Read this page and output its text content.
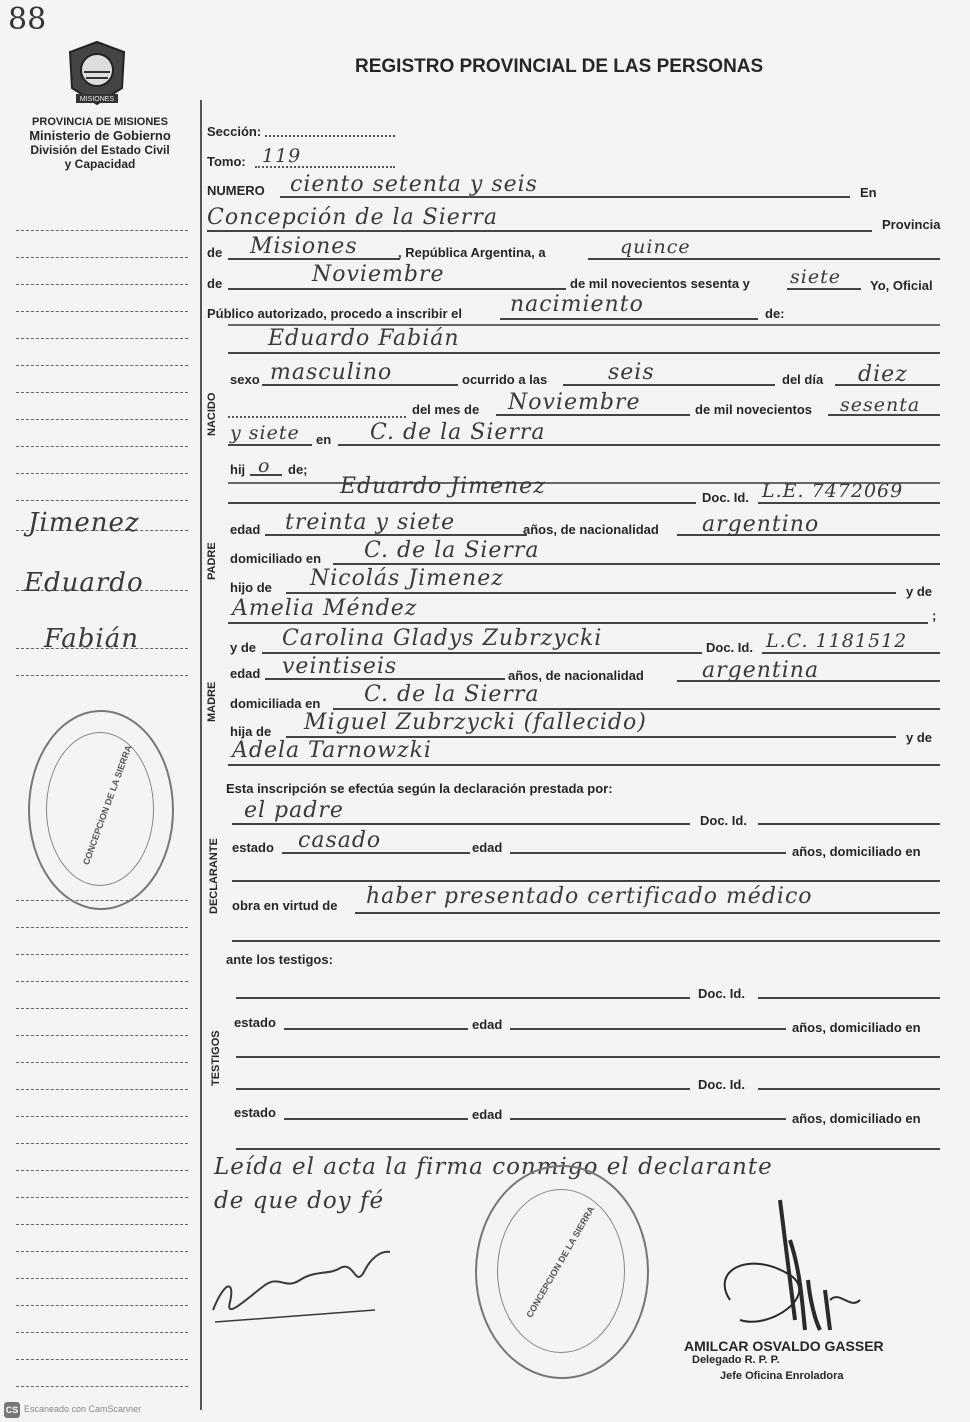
88
MISIONES
PROVINCIA DE MISIONES
Ministerio de Gobierno
División del Estado Civil
y Capacidad
REGISTRO PROVINCIAL DE LAS PERSONAS
Jimenez
Eduardo
Fabián
CONCEPCION DE LA SIERRA
Sección:
Tomo: 119
NUMERO ciento setenta y seis	En
Concepción de la Sierra	Provincia
de Misiones	, República Argentina, a	quince
de	Noviembre	de mil novecientos sesenta y siete Yo, Oficial
Público autorizado, procedo a inscribir el nacimiento	de:
NACIDO
Eduardo Fabián
sexo masculino	ocurrido a las	seis	del día diez
del mes de Noviembre	de mil novecientos sesenta
y siete en C. de la Sierra
hij o de;
PADRE
Eduardo Jimenez	Doc. Id. L.E. 7472069
edad treinta y siete	años, de nacionalidad argentino
domiciliado en C. de la Sierra
hijo de Nicolás Jimenez
y de
Amelia Méndez	;
MADRE
y de Carolina Gladys Zubrzycki	Doc. Id. L.C. 1181512
edad veintiseis	años, de nacionalidad	argentina
domiciliada en C. de la Sierra
hija de Miguel Zubrzycki (fallecido)
y de
Adela Tarnowzki
Esta inscripción se efectúa según la declaración prestada por:
DECLARANTE
el padre	Doc. Id.
estado casado	edad	años, domiciliado en
obra en virtud de haber presentado certificado médico
ante los testigos:
TESTIGOS
Doc. Id.
estado	edad	años, domiciliado en
Doc. Id.
estado	edad	años, domiciliado en
Leída el acta la firma conmigo el declarante
de que doy fé
CONCEPCION DE LA SIERRA
AMILCAR OSVALDO GASSER
Delegado R. P. P.
Jefe Oficina Enroladora
CS Escaneado con CamScanner
